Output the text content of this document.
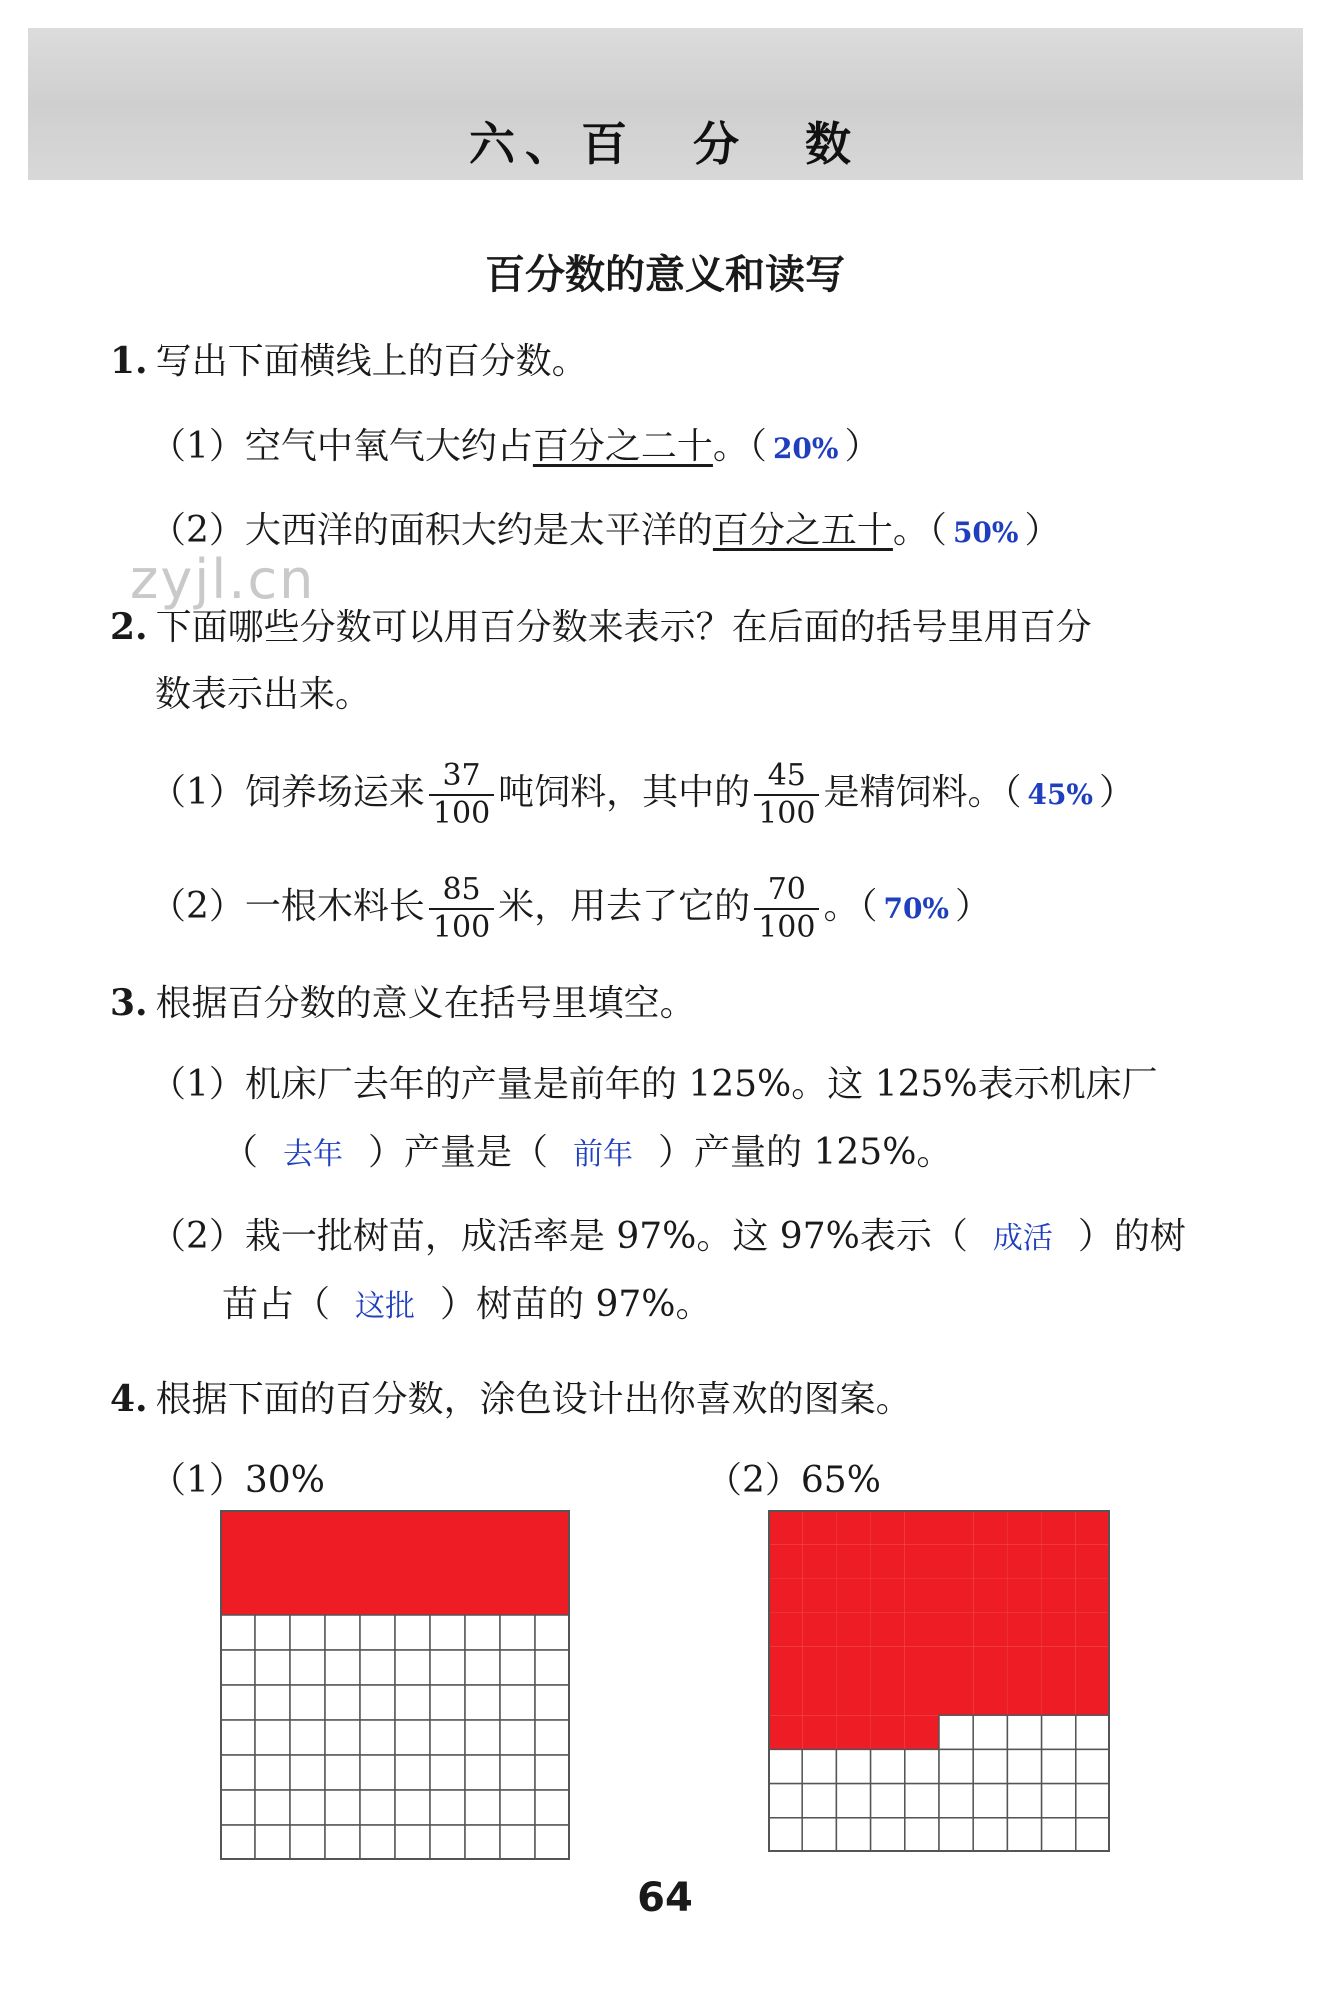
六、百　分　数
百分数的意义和读写
zyjl.cn
1. 写出下面横线上的百分数。
（1）空气中氧气大约占百分之二十。（ 20% ）
（2）大西洋的面积大约是太平洋的百分之五十。（ 50% ）
2. 下面哪些分数可以用百分数来表示？在后面的括号里用百分
数表示出来。
（1）饲养场运来 $\frac{37}{100}$ 吨饲料，其中的 $\frac{45}{100}$ 是精饲料。（ 45% ）
（2）一根木料长 $\frac{85}{100}$ 米，用去了它的 $\frac{70}{100}$ 。（ 70% ）
3. 根据百分数的意义在括号里填空。
（1）机床厂去年的产量是前年的 125%。这 125%表示机床厂
（ 去年 ）产量是（ 前年 ）产量的 125%。
（2）栽一批树苗，成活率是 97%。这 97%表示（ 成活 ）的树
苗占（ 这批 ）树苗的 97%。
4. 根据下面的百分数，涂色设计出你喜欢的图案。
（1）30%	（2）65%
64
